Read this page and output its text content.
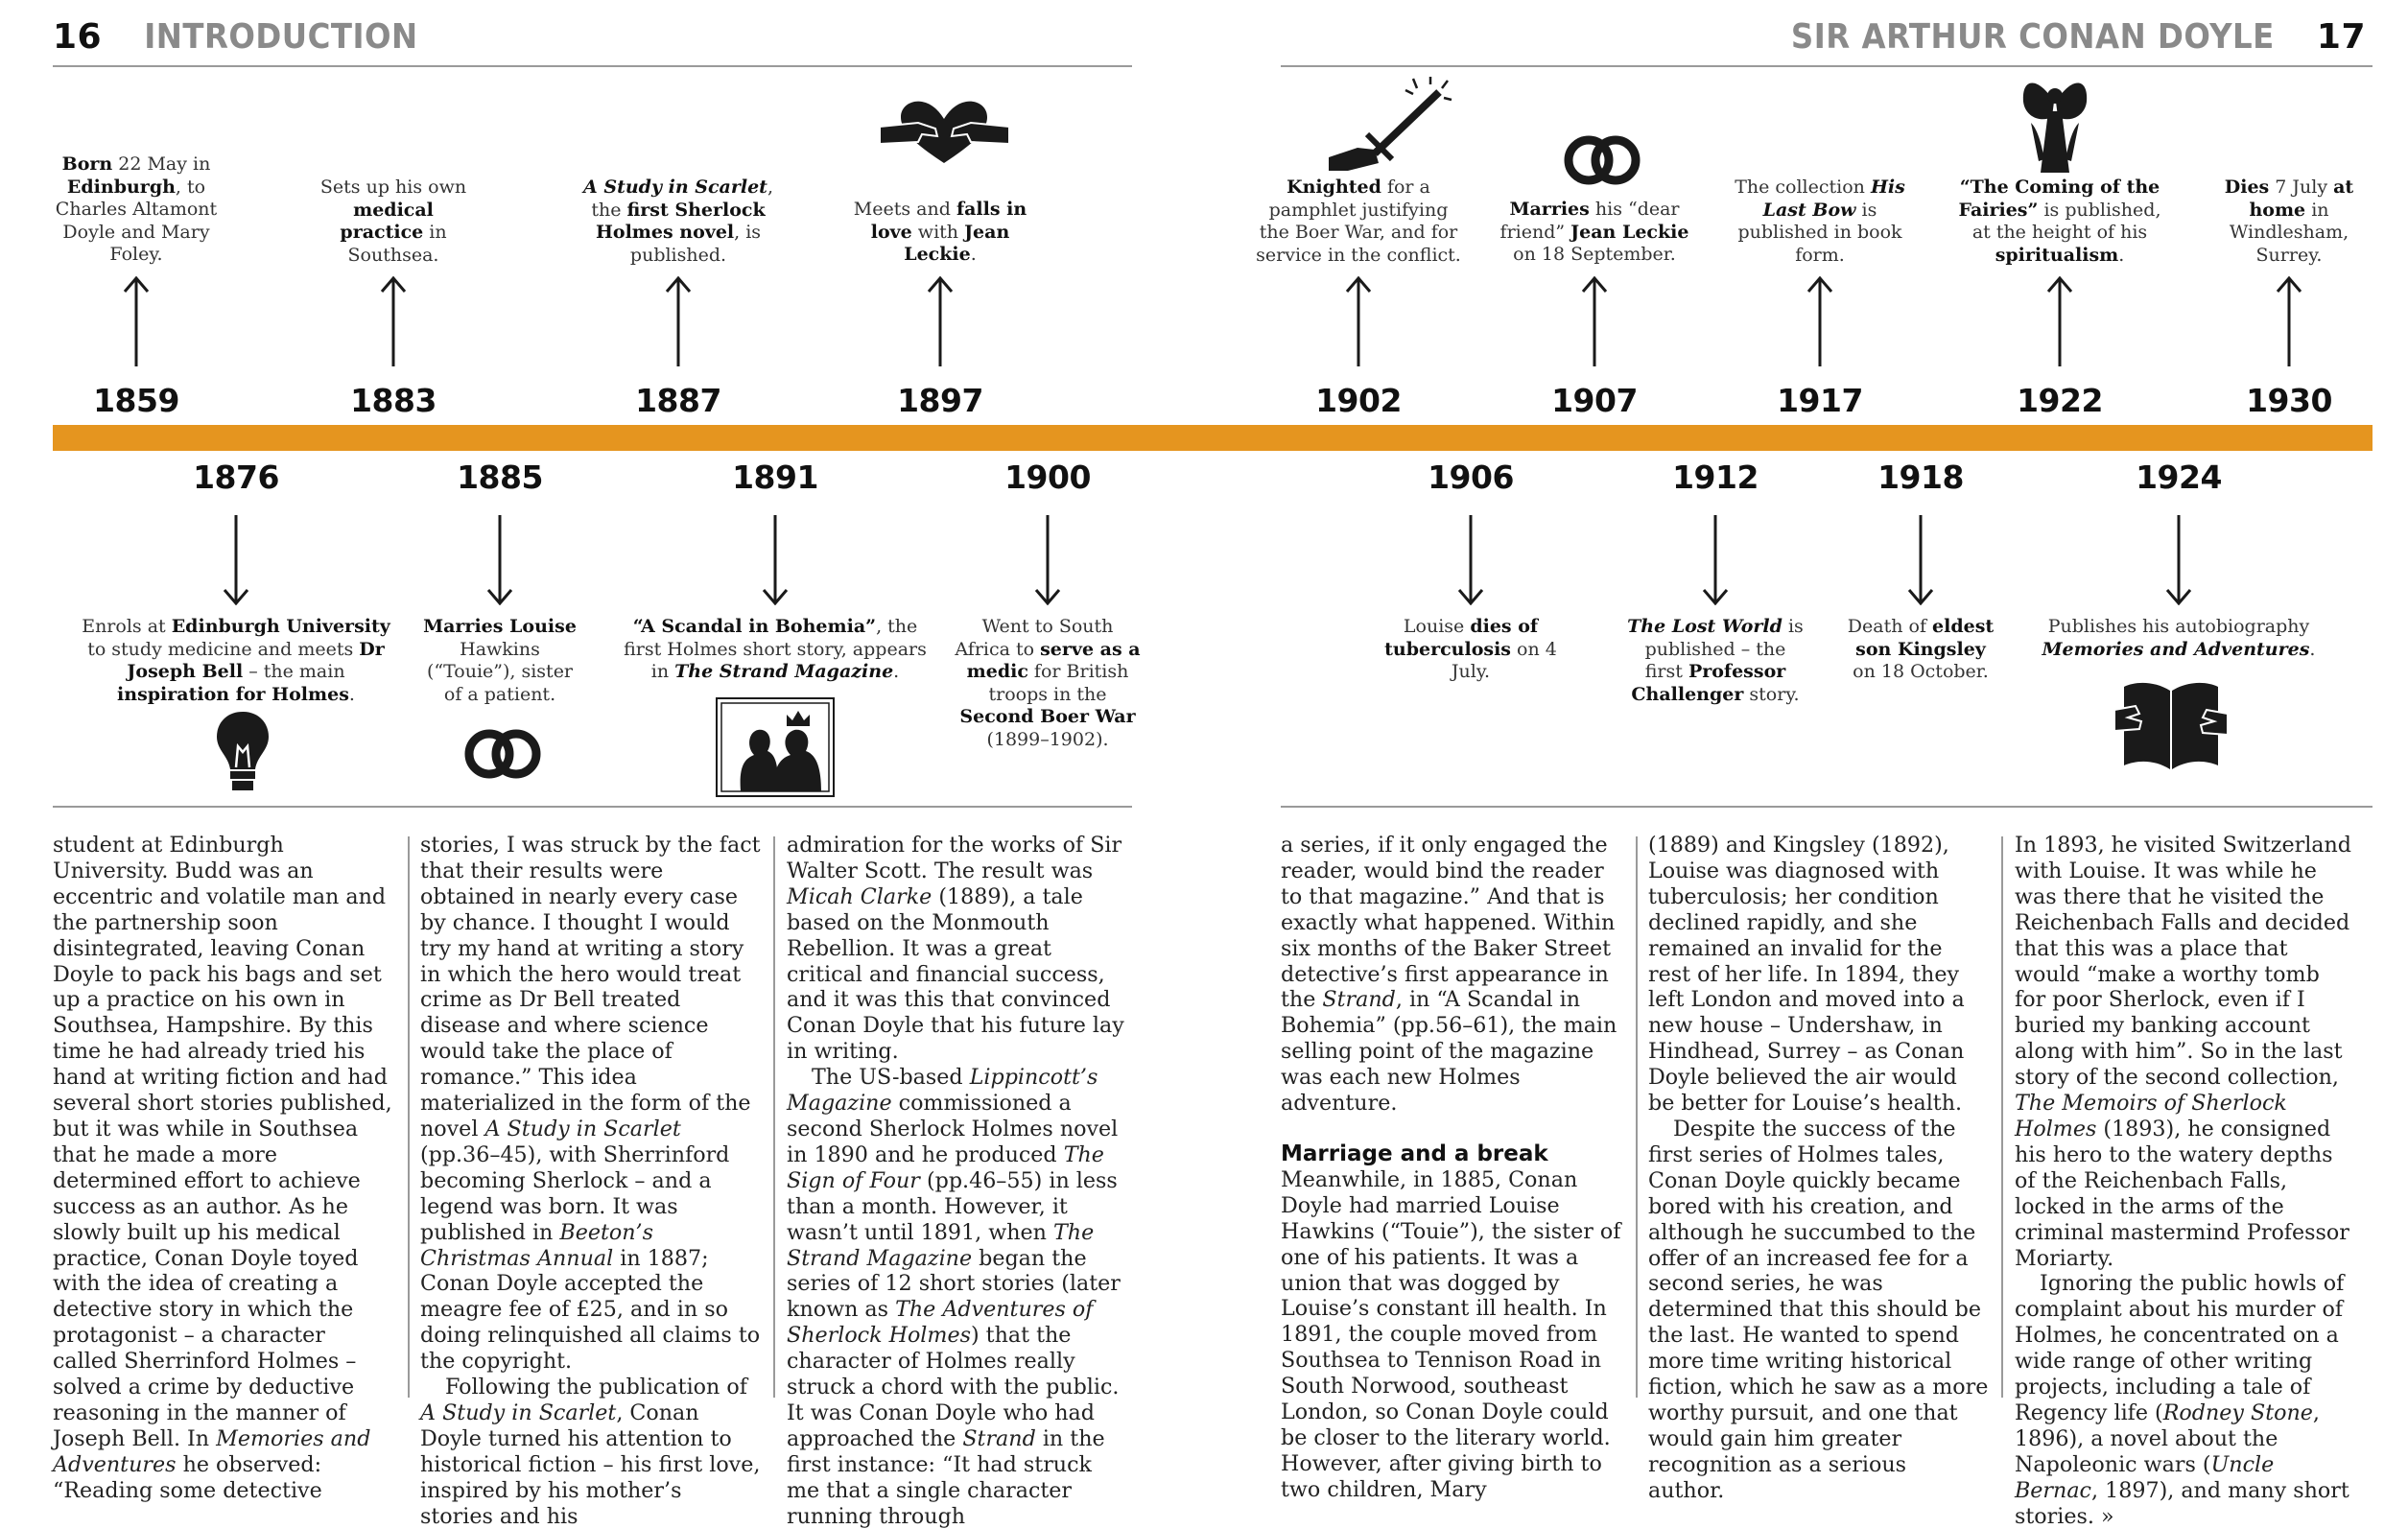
16 INTRODUCTION	SIR ARTHUR CONAN DOYLE 17
1859
Born 22 May in Edinburgh, to Charles Altamont Doyle and Mary Foley.
1883
Sets up his own medical practice in Southsea.
1887
A Study in Scarlet, the first Sherlock Holmes novel, is published.
1897
Meets and falls in love with Jean Leckie.
1902
Knighted for a pamphlet justifying the Boer War, and for service in the conflict.
1907
Marries his “dear friend” Jean Leckie on 18 September.
1917
The collection His Last Bow is published in book form.
1922
“The Coming of the Fairies” is published, at the height of his spiritualism.
1930
Dies 7 July at home in Windlesham, Surrey.
1876
Enrols at Edinburgh University to study medicine and meets Dr Joseph Bell – the main inspiration for Holmes.
1885
Marries Louise Hawkins (“Touie”), sister of a patient.
1891
“A Scandal in Bohemia”, the first Holmes short story, appears in The Strand Magazine.
1900
Went to South Africa to serve as a medic for British troops in the Second Boer War (1899–1902).
1906
Louise dies of tuberculosis on 4 July.
1912
The Lost World is published – the first Professor Challenger story.
1918
Death of eldest son Kingsley on 18 October.
1924
Publishes his autobiography Memories and Adventures.

student at Edinburgh University. Budd was an eccentric and volatile man and the partnership soon disintegrated, leaving Conan Doyle to pack his bags and set up a practice on his own in Southsea, Hampshire. By this time he had already tried his hand at writing fiction and had several short stories published, but it was while in Southsea that he made a more determined effort to achieve success as an author. As he slowly built up his medical practice, Conan Doyle toyed with the idea of creating a detective story in which the protagonist – a character called Sherrinford Holmes – solved a crime by deductive reasoning in the manner of Joseph Bell. In Memories and Adventures he observed: “Reading some detective

stories, I was struck by the fact that their results were obtained in nearly every case by chance. I thought I would try my hand at writing a story in which the hero would treat crime as Dr Bell treated disease and where science would take the place of romance.” This idea materialized in the form of the novel A Study in Scarlet (pp.36–45), with Sherrinford becoming Sherlock – and a legend was born. It was published in Beeton’s Christmas Annual in 1887; Conan Doyle accepted the meagre fee of £25, and in so doing relinquished all claims to the copyright.

Following the publication of A Study in Scarlet, Conan Doyle turned his attention to historical fiction – his first love, inspired by his mother’s stories and his

admiration for the works of Sir Walter Scott. The result was Micah Clarke (1889), a tale based on the Monmouth Rebellion. It was a great critical and financial success, and it was this that convinced Conan Doyle that his future lay in writing.

The US-based Lippincott’s Magazine commissioned a second Sherlock Holmes novel in 1890 and he produced The Sign of Four (pp.46–55) in less than a month. However, it wasn’t until 1891, when The Strand Magazine began the series of 12 short stories (later known as The Adventures of Sherlock Holmes) that the character of Holmes really struck a chord with the public. It was Conan Doyle who had approached the Strand in the first instance: “It had struck me that a single character running through

a series, if it only engaged the reader, would bind the reader to that magazine.” And that is exactly what happened. Within six months of the Baker Street detective’s first appearance in the Strand, in “A Scandal in Bohemia” (pp.56–61), the main selling point of the magazine was each new Holmes adventure.

Marriage and a break

Meanwhile, in 1885, Conan Doyle had married Louise Hawkins (“Touie”), the sister of one of his patients. It was a union that was dogged by Louise’s constant ill health. In 1891, the couple moved from Southsea to Tennison Road in South Norwood, southeast London, so Conan Doyle could be closer to the literary world. However, after giving birth to two children, Mary

(1889) and Kingsley (1892), Louise was diagnosed with tuberculosis; her condition declined rapidly, and she remained an invalid for the rest of her life. In 1894, they left London and moved into a new house – Undershaw, in Hindhead, Surrey – as Conan Doyle believed the air would be better for Louise’s health.

Despite the success of the first series of Holmes tales, Conan Doyle quickly became bored with his creation, and although he succumbed to the offer of an increased fee for a second series, he was determined that this should be the last. He wanted to spend more time writing historical fiction, which he saw as a more worthy pursuit, and one that would gain him greater recognition as a serious author.

In 1893, he visited Switzerland with Louise. It was while he was there that he visited the Reichenbach Falls and decided that this was a place that would “make a worthy tomb for poor Sherlock, even if I buried my banking account along with him”. So in the last story of the second collection, The Memoirs of Sherlock Holmes (1893), he consigned his hero to the watery depths of the Reichenbach Falls, locked in the arms of the criminal mastermind Professor Moriarty.

Ignoring the public howls of complaint about his murder of Holmes, he concentrated on a wide range of other writing projects, including a tale of Regency life (Rodney Stone, 1896), a novel about the Napoleonic wars (Uncle Bernac, 1897), and many short stories. »
